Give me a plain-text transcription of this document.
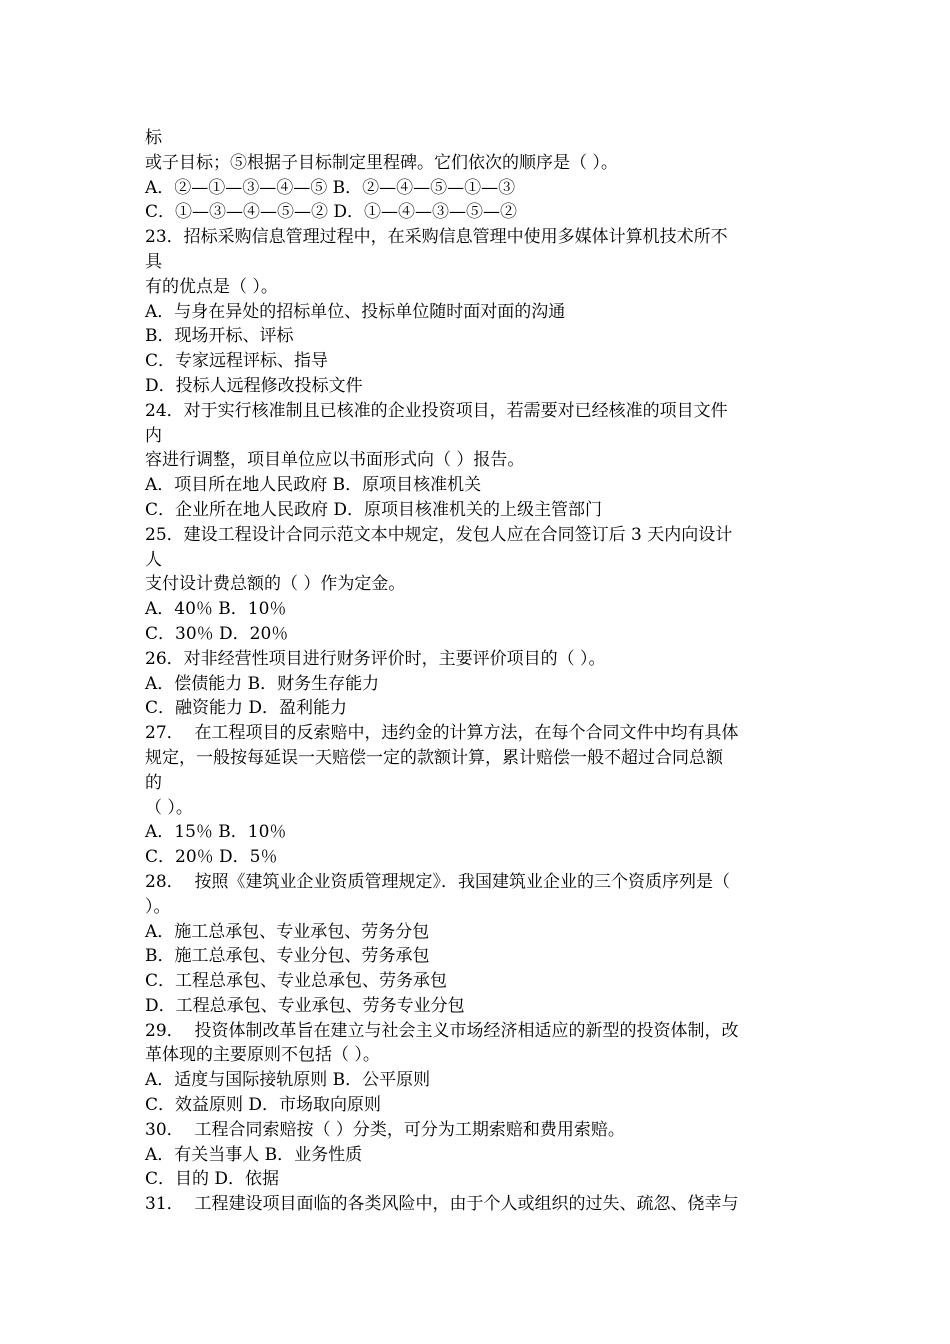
标
或子目标；⑤根据子目标制定里程碑。它们依次的顺序是（ ）。
A．②—①—③—④—⑤ B．②—④—⑤—①—③
C．①—③—④—⑤—② D．①—④—③—⑤—②
23．招标采购信息管理过程中，在采购信息管理中使用多媒体计算机技术所不
具
有的优点是（ ）。
A．与身在异处的招标单位、投标单位随时面对面的沟通
B．现场开标、评标
C．专家远程评标、指导
D．投标人远程修改投标文件
24．对于实行核准制且已核准的企业投资项目，若需要对已经核准的项目文件
内
容进行调整，项目单位应以书面形式向（ ）报告。
A．项目所在地人民政府 B．原项目核准机关
C．企业所在地人民政府 D．原项目核准机关的上级主管部门
25．建设工程设计合同示范文本中规定，发包人应在合同签订后 3 天内向设计
人
支付设计费总额的（ ）作为定金。
A．40％ B．10％
C．30％ D．20％
26．对非经营性项目进行财务评价时，主要评价项目的（ ）。
A．偿债能力 B．财务生存能力
C．融资能力 D．盈利能力
27．  在工程项目的反索赔中，违约金的计算方法，在每个合同文件中均有具体
规定，一般按每延误一天赔偿一定的款额计算，累计赔偿一般不超过合同总额
的
（ ）。
A．15％ B．10％
C．20％ D．5％
28．  按照《建筑业企业资质管理规定》．我国建筑业企业的三个资质序列是（
）。
A．施工总承包、专业承包、劳务分包
B．施工总承包、专业分包、劳务承包
C．工程总承包、专业总承包、劳务承包
D．工程总承包、专业承包、劳务专业分包
29．  投资体制改革旨在建立与社会主义市场经济相适应的新型的投资体制，改
革体现的主要原则不包括（ ）。
A．适度与国际接轨原则 B．公平原则
C．效益原则 D．市场取向原则
30．  工程合同索赔按（ ）分类，可分为工期索赔和费用索赔。
A．有关当事人 B．业务性质
C．目的 D．依据
31．  工程建设项目面临的各类风险中，由于个人或组织的过失、疏忽、侥幸与
